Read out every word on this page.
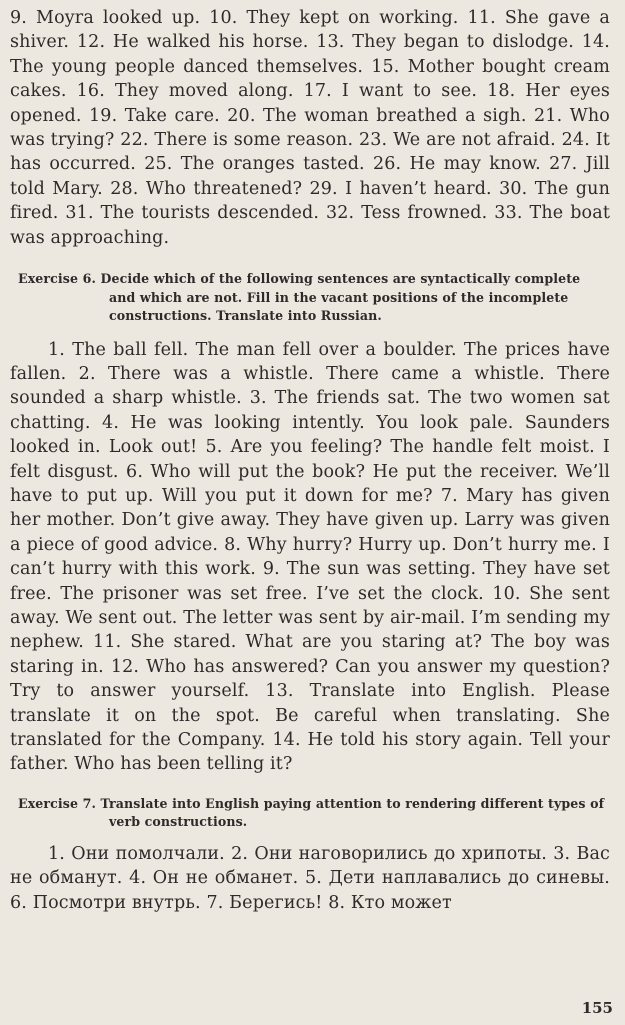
9. Moyra looked up. 10. They kept on working. 11. She gave a shiver. 12. He walked his horse. 13. They began to dislodge. 14. The young people danced themselves. 15. Mother bought cream cakes. 16. They moved along. 17. I want to see. 18. Her eyes opened. 19. Take care. 20. The woman breathed a sigh. 21. Who was trying? 22. There is some reason. 23. We are not afraid. 24. It has occurred. 25. The oranges tasted. 26. He may know. 27. Jill told Mary. 28. Who threatened? 29. I haven’t heard. 30. The gun fired. 31. The tourists descended. 32. Tess frowned. 33. The boat was approaching.

Exercise 6. Decide which of the following sentences are syntactically complete and which are not. Fill in the vacant positions of the incomplete constructions. Translate into Russian.

1. The ball fell. The man fell over a boulder. The prices have fallen. 2. There was a whistle. There came a whistle. There sounded a sharp whistle. 3. The friends sat. The two women sat chatting. 4. He was looking intently. You look pale. Saunders looked in. Look out! 5. Are you feeling? The handle felt moist. I felt disgust. 6. Who will put the book? He put the receiver. We’ll have to put up. Will you put it down for me? 7. Mary has given her mother. Don’t give away. They have given up. Larry was given a piece of good advice. 8. Why hurry? Hurry up. Don’t hurry me. I can’t hurry with this work. 9. The sun was setting. They have set free. The prisoner was set free. I’ve set the clock. 10. She sent away. We sent out. The letter was sent by air-mail. I’m sending my nephew. 11. She stared. What are you staring at? The boy was staring in. 12. Who has answered? Can you answer my question? Try to answer yourself. 13. Translate into English. Please translate it on the spot. Be careful when translating. She translated for the Company. 14. He told his story again. Tell your father. Who has been telling it?

Exercise 7. Translate into English paying attention to rendering different types of verb constructions.

1. Они помолчали. 2. Они наговорились до хрипоты. 3. Вас не обманут. 4. Он не обманет. 5. Дети наплавались до синевы. 6. Посмотри внутрь. 7. Берегись! 8. Кто может

155
